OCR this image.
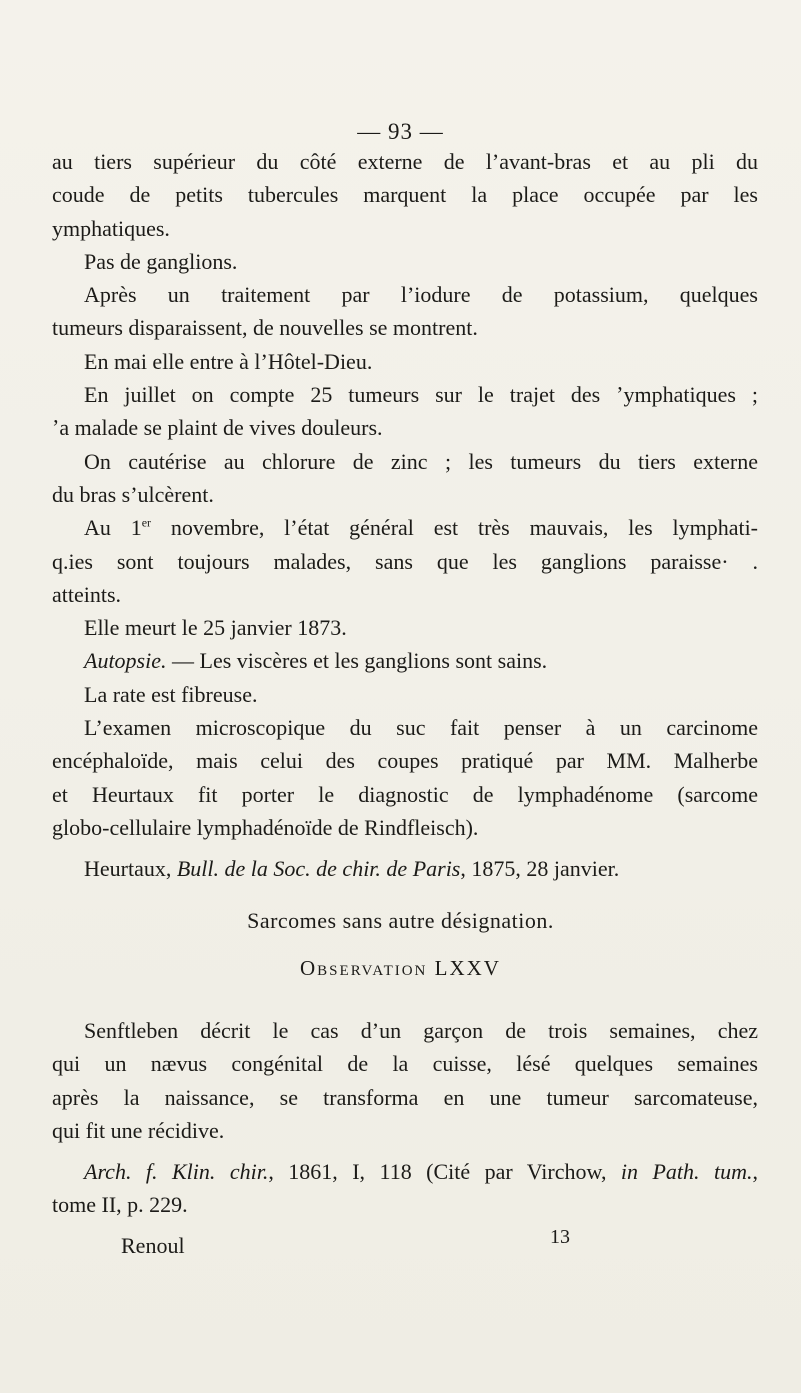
— 93 —

au tiers supérieur du côté externe de l’avant-bras et au pli du

coude de petits tubercules marquent la place occupée par les

ymphatiques.

Pas de ganglions.

Après un traitement par l’iodure de potassium, quelques

tumeurs disparaissent, de nouvelles se montrent.

En mai elle entre à l’Hôtel-Dieu.

En juillet on compte 25 tumeurs sur le trajet des ʼymphatiques ;

ʼa malade se plaint de vives douleurs.

On cautérise au chlorure de zinc ; les tumeurs du tiers externe

du bras s’ulcèrent.

Au 1er novembre, l’état général est très mauvais, les lymphati-

q.ies sont toujours malades, sans que les ganglions paraisse· .

atteints.

Elle meurt le 25 janvier 1873.

Autopsie. — Les viscères et les ganglions sont sains.

La rate est fibreuse.

L’examen microscopique du suc fait penser à un carcinome

encéphaloïde, mais celui des coupes pratiqué par MM. Malherbe

et Heurtaux fit porter le diagnostic de lymphadénome (sarcome

globo-cellulaire lymphadénoïde de Rindfleisch).

Heurtaux, Bull. de la Soc. de chir. de Paris, 1875, 28 janvier.

Sarcomes sans autre désignation.
Observation LXXV

Senftleben décrit le cas d’un garçon de trois semaines, chez

qui un nævus congénital de la cuisse, lésé quelques semaines

après la naissance, se transforma en une tumeur sarcomateuse,

qui fit une récidive.

Arch. f. Klin. chir., 1861, I, 118 (Cité par Virchow, in Path. tum.,

tome II, p. 229.

Renoul	13
